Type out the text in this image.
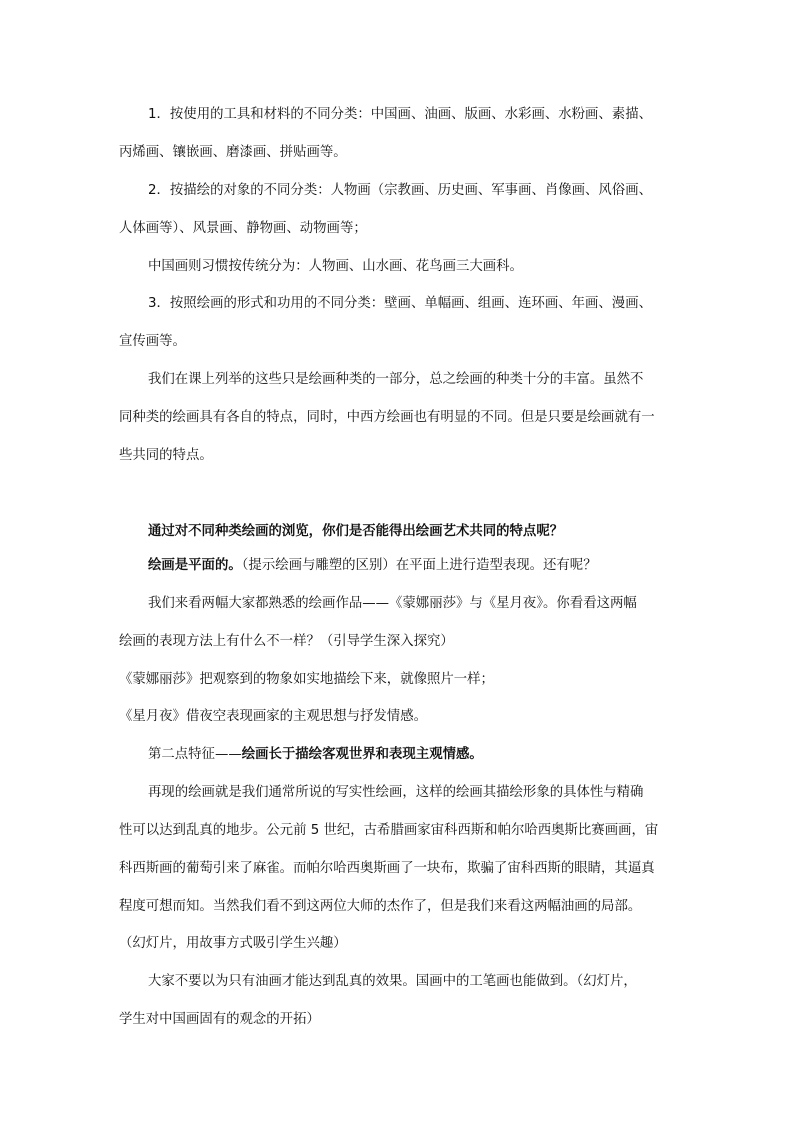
1．按使用的工具和材料的不同分类：中国画、油画、版画、水彩画、水粉画、素描、

丙烯画、镶嵌画、磨漆画、拼贴画等。

2．按描绘的对象的不同分类：人物画（宗教画、历史画、军事画、肖像画、风俗画、

人体画等）、风景画、静物画、动物画等；

中国画则习惯按传统分为：人物画、山水画、花鸟画三大画科。

3．按照绘画的形式和功用的不同分类：壁画、单幅画、组画、连环画、年画、漫画、

宣传画等。

我们在课上列举的这些只是绘画种类的一部分，总之绘画的种类十分的丰富。虽然不

同种类的绘画具有各自的特点，同时，中西方绘画也有明显的不同。但是只要是绘画就有一

些共同的特点。

通过对不同种类绘画的浏览，你们是否能得出绘画艺术共同的特点呢？

绘画是平面的。（提示绘画与雕塑的区别）在平面上进行造型表现。还有呢？

我们来看两幅大家都熟悉的绘画作品——《蒙娜丽莎》与《星月夜》。你看看这两幅

绘画的表现方法上有什么不一样？（引导学生深入探究）

《蒙娜丽莎》把观察到的物象如实地描绘下来，就像照片一样；

《星月夜》借夜空表现画家的主观思想与抒发情感。

第二点特征——绘画长于描绘客观世界和表现主观情感。

再现的绘画就是我们通常所说的写实性绘画，这样的绘画其描绘形象的具体性与精确

性可以达到乱真的地步。公元前 5 世纪，古希腊画家宙科西斯和帕尔哈西奥斯比赛画画，宙

科西斯画的葡萄引来了麻雀。而帕尔哈西奥斯画了一块布，欺骗了宙科西斯的眼睛，其逼真

程度可想而知。当然我们看不到这两位大师的杰作了，但是我们来看这两幅油画的局部。

（幻灯片，用故事方式吸引学生兴趣）

大家不要以为只有油画才能达到乱真的效果。国画中的工笔画也能做到。（幻灯片，

学生对中国画固有的观念的开拓）
